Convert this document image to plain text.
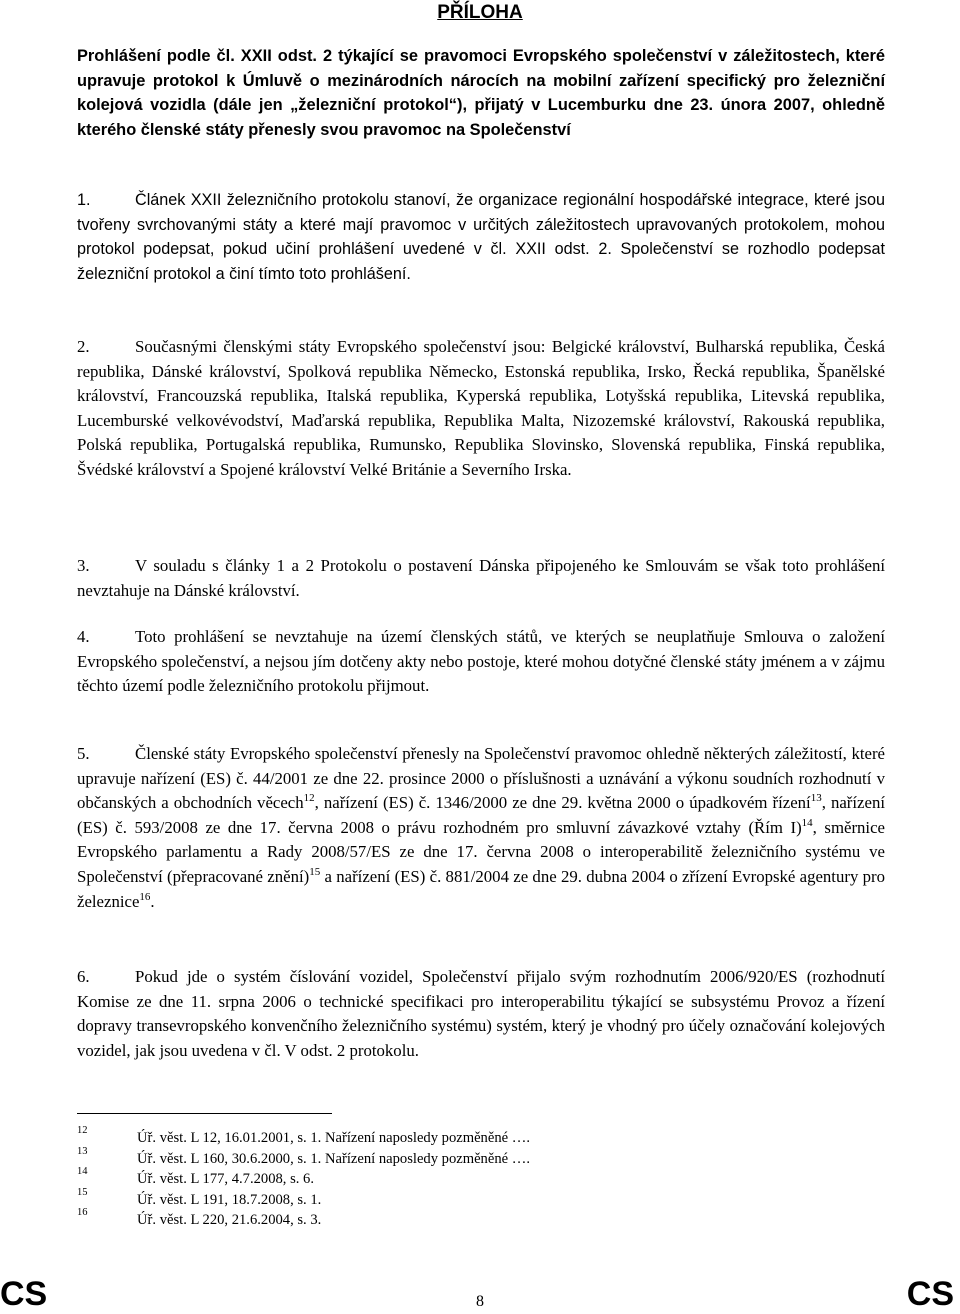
PŘÍLOHA
Prohlášení podle čl. XXII odst. 2 týkající se pravomoci Evropského společenství v záležitostech, které upravuje protokol k Úmluvě o mezinárodních nárocích na mobilní zařízení specifický pro železniční kolejová vozidla (dále jen „železniční protokol“), přijatý v Lucemburku dne 23. února 2007, ohledně kterého členské státy přenesly svou pravomoc na Společenství
1.	Článek XXII železničního protokolu stanoví, že organizace regionální hospodářské integrace, které jsou tvořeny svrchovanými státy a které mají pravomoc v určitých záležitostech upravovaných protokolem, mohou protokol podepsat, pokud učiní prohlášení uvedené v čl. XXII odst. 2. Společenství se rozhodlo podepsat železniční protokol a činí tímto toto prohlášení.
2.	Současnými členskými státy Evropského společenství jsou: Belgické království, Bulharská republika, Česká republika, Dánské království, Spolková republika Německo, Estonská republika, Irsko, Řecká republika, Španělské království, Francouzská republika, Italská republika, Kyperská republika, Lotyšská republika, Litevská republika, Lucemburské velkovévodství, Maďarská republika, Republika Malta, Nizozemské království, Rakouská republika, Polská republika, Portugalská republika, Rumunsko, Republika Slovinsko, Slovenská republika, Finská republika, Švédské království a Spojené království Velké Británie a Severního Irska.
3.	V souladu s články 1 a 2 Protokolu o postavení Dánska připojeného ke Smlouvám se však toto prohlášení nevztahuje na Dánské království.
4.	Toto prohlášení se nevztahuje na území členských států, ve kterých se neuplatňuje Smlouva o založení Evropského společenství, a nejsou jím dotčeny akty nebo postoje, které mohou dotyčné členské státy jménem a v zájmu těchto území podle železničního protokolu přijmout.
5.	Členské státy Evropského společenství přenesly na Společenství pravomoc ohledně některých záležitostí, které upravuje nařízení (ES) č. 44/2001 ze dne 22. prosince 2000 o příslušnosti a uznávání a výkonu soudních rozhodnutí v občanských a obchodních věcech$^{12}$, nařízení (ES) č. 1346/2000 ze dne 29. května 2000 o úpadkovém řízení$^{13}$, nařízení (ES) č. 593/2008 ze dne 17. června 2008 o právu rozhodném pro smluvní závazkové vztahy (Řím I)$^{14}$, směrnice Evropského parlamentu a Rady 2008/57/ES ze dne 17. června 2008 o interoperabilitě železničního systému ve Společenství (přepracované znění)$^{15}$ a nařízení (ES) č. 881/2004 ze dne 29. dubna 2004 o zřízení Evropské agentury pro železnice$^{16}$.
6.	Pokud jde o systém číslování vozidel, Společenství přijalo svým rozhodnutím 2006/920/ES (rozhodnutí Komise ze dne 11. srpna 2006 o technické specifikaci pro interoperabilitu týkající se subsystému Provoz a řízení dopravy transevropského konvenčního železničního systému) systém, který je vhodný pro účely označování kolejových vozidel, jak jsou uvedena v čl. V odst. 2 protokolu.
12	Úř. věst. L 12, 16.01.2001, s. 1. Nařízení naposledy pozměněné ….
13	Úř. věst. L 160, 30.6.2000, s. 1. Nařízení naposledy pozměněné ….
14	Úř. věst. L 177, 4.7.2008, s. 6.
15	Úř. věst. L 191, 18.7.2008, s. 1.
16	Úř. věst. L 220, 21.6.2004, s. 3.
CS	8	CS
